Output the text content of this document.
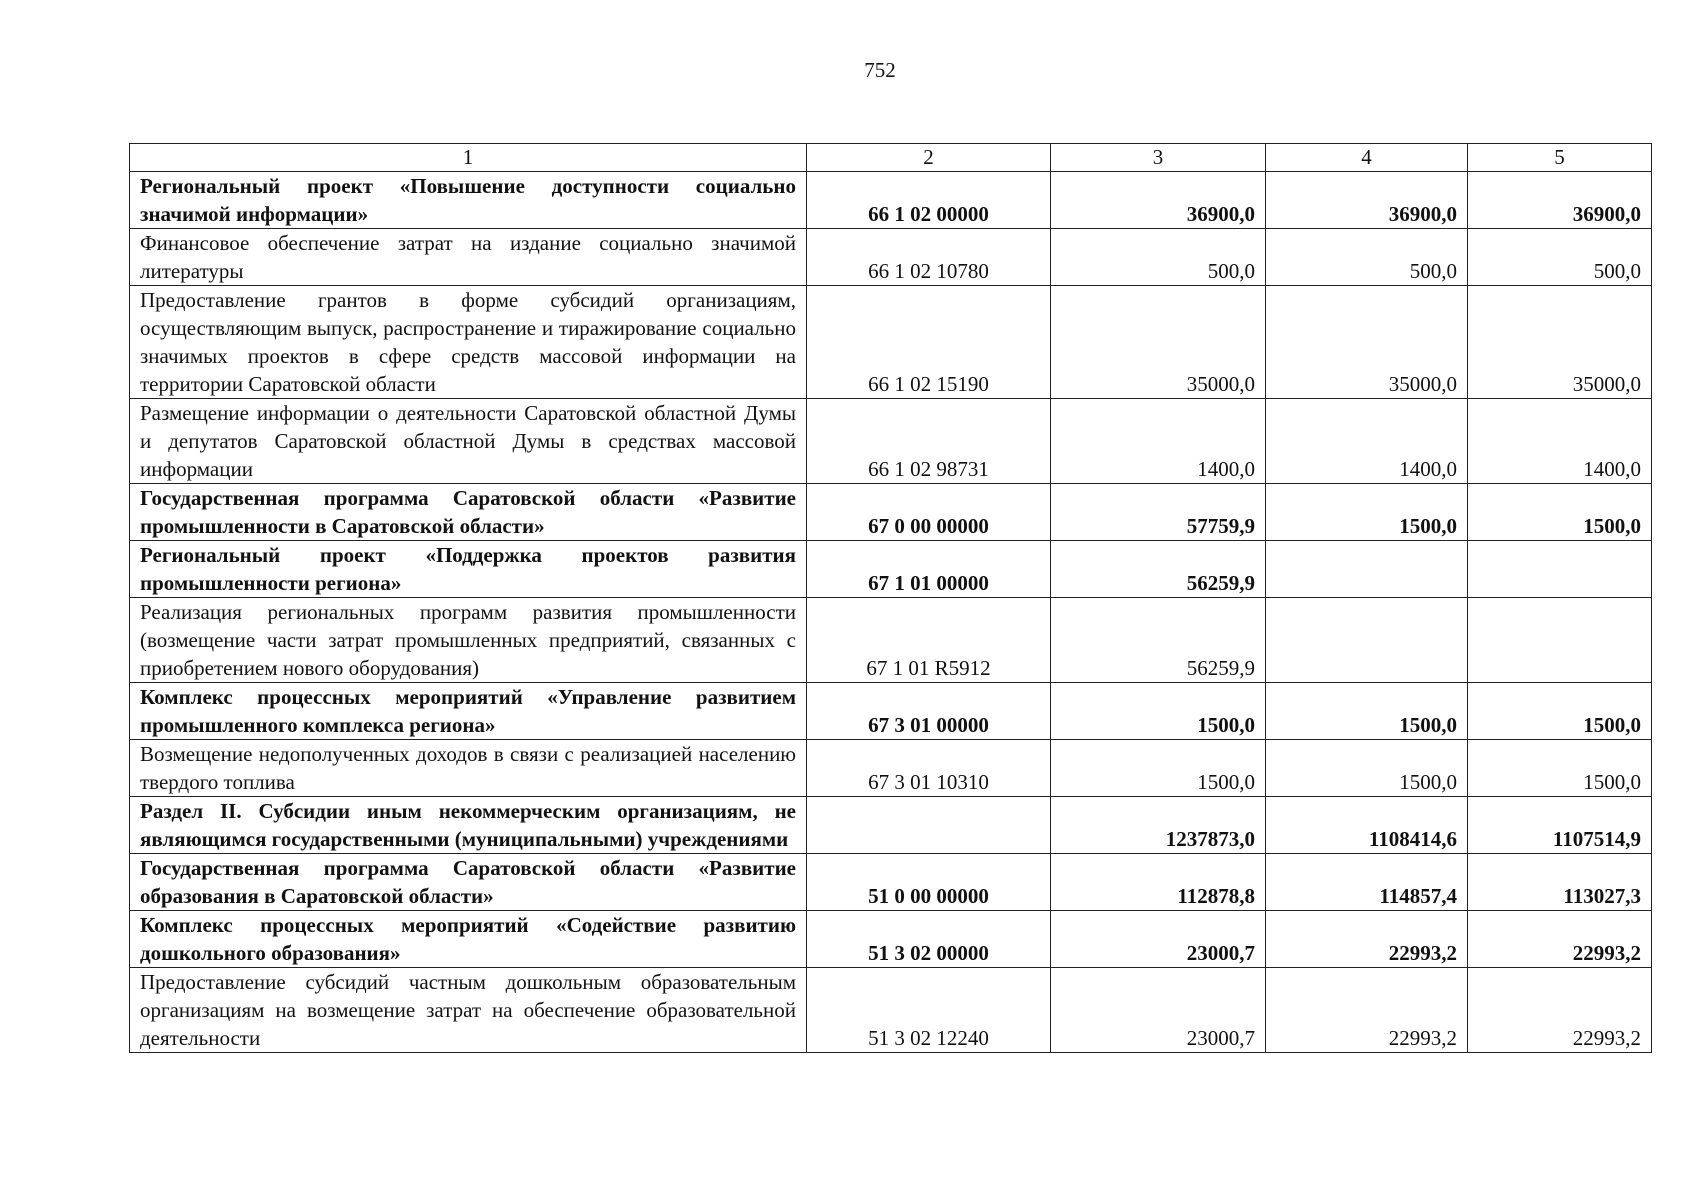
752
1	2	3	4	5
Региональный проект «Повышение доступности социально значимой информации»	66 1 02 00000	36900,0	36900,0	36900,0
Финансовое обеспечение затрат на издание социально значимой литературы	66 1 02 10780	500,0	500,0	500,0
Предоставление грантов в форме субсидий организациям, осуществляющим выпуск, распространение и тиражирование социально значимых проектов в сфере средств массовой информации на территории Саратовской области	66 1 02 15190	35000,0	35000,0	35000,0
Размещение информации о деятельности Саратовской областной Думы и депутатов Саратовской областной Думы в средствах массовой информации	66 1 02 98731	1400,0	1400,0	1400,0
Государственная программа Саратовской области «Развитие промышленности в Саратовской области»	67 0 00 00000	57759,9	1500,0	1500,0
Региональный проект «Поддержка проектов развития промышленности региона»	67 1 01 00000	56259,9		
Реализация региональных программ развития промышленности (возмещение части затрат промышленных предприятий, связанных с приобретением нового оборудования)	67 1 01 R5912	56259,9		
Комплекс процессных мероприятий «Управление развитием промышленного комплекса региона»	67 3 01 00000	1500,0	1500,0	1500,0
Возмещение недополученных доходов в связи с реализацией населению твердого топлива	67 3 01 10310	1500,0	1500,0	1500,0
Раздел II. Субсидии иным некоммерческим организациям, не являющимся государственными (муниципальными) учреждениями		1237873,0	1108414,6	1107514,9
Государственная программа Саратовской области «Развитие образования в Саратовской области»	51 0 00 00000	112878,8	114857,4	113027,3
Комплекс процессных мероприятий «Содействие развитию дошкольного образования»	51 3 02 00000	23000,7	22993,2	22993,2
Предоставление субсидий частным дошкольным образовательным организациям на возмещение затрат на обеспечение образовательной деятельности	51 3 02 12240	23000,7	22993,2	22993,2
